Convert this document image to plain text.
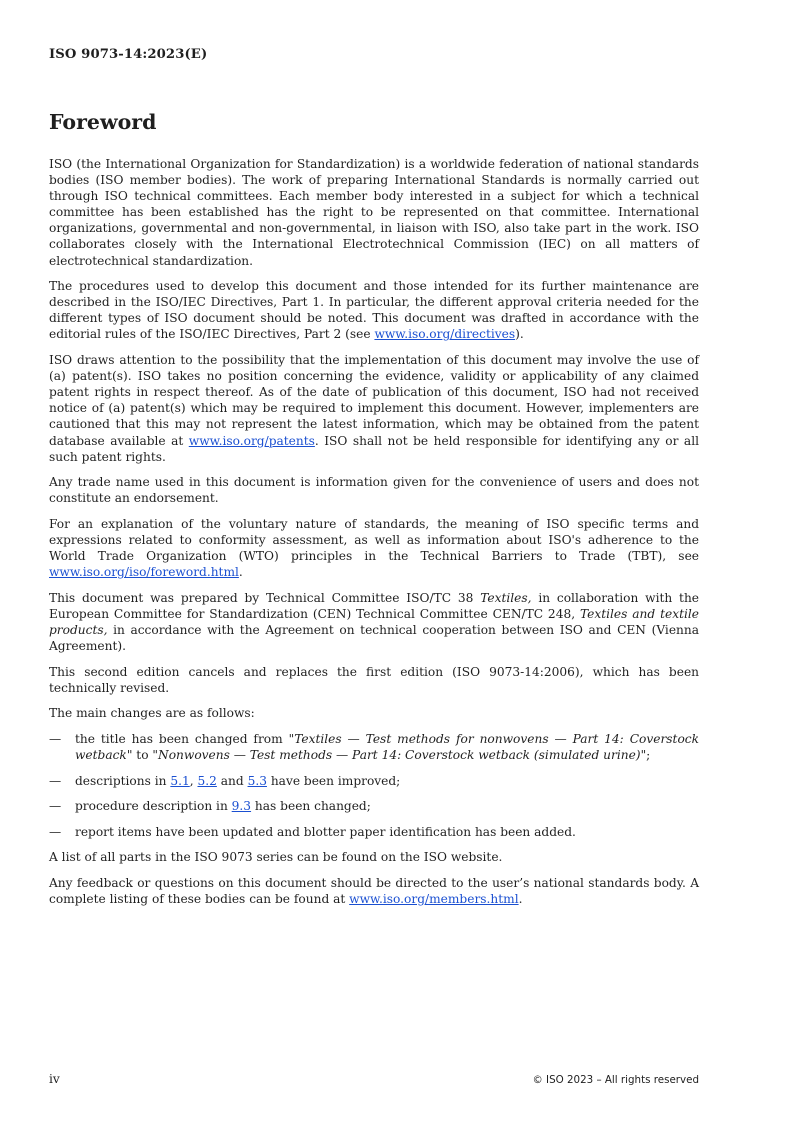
ISO 9073-14:2023(E)
Foreword

ISO (the International Organization for Standardization) is a worldwide federation of national standards bodies (ISO member bodies). The work of preparing International Standards is normally carried out through ISO technical committees. Each member body interested in a subject for which a technical committee has been established has the right to be represented on that committee. International organizations, governmental and non-governmental, in liaison with ISO, also take part in the work. ISO collaborates closely with the International Electrotechnical Commission (IEC) on all matters of electrotechnical standardization.

The procedures used to develop this document and those intended for its further maintenance are described in the ISO/IEC Directives, Part 1. In particular, the different approval criteria needed for the different types of ISO document should be noted. This document was drafted in accordance with the editorial rules of the ISO/IEC Directives, Part 2 (see www.iso.org/directives).

ISO draws attention to the possibility that the implementation of this document may involve the use of (a) patent(s). ISO takes no position concerning the evidence, validity or applicability of any claimed patent rights in respect thereof. As of the date of publication of this document, ISO had not received notice of (a) patent(s) which may be required to implement this document. However, implementers are cautioned that this may not represent the latest information, which may be obtained from the patent database available at www.iso.org/patents. ISO shall not be held responsible for identifying any or all such patent rights.

Any trade name used in this document is information given for the convenience of users and does not constitute an endorsement.

For an explanation of the voluntary nature of standards, the meaning of ISO specific terms and expressions related to conformity assessment, as well as information about ISO's adherence to the World Trade Organization (WTO) principles in the Technical Barriers to Trade (TBT), see www.iso.org/iso/foreword.html.

This document was prepared by Technical Committee ISO/TC 38 Textiles, in collaboration with the European Committee for Standardization (CEN) Technical Committee CEN/TC 248, Textiles and textile products, in accordance with the Agreement on technical cooperation between ISO and CEN (Vienna Agreement).

This second edition cancels and replaces the first edition (ISO 9073-14:2006), which has been technically revised.

The main changes are as follows:

— the title has been changed from "Textiles — Test methods for nonwovens — Part 14: Coverstock wetback" to "Nonwovens — Test methods — Part 14: Coverstock wetback (simulated urine)";
— descriptions in 5.1, 5.2 and 5.3 have been improved;
— procedure description in 9.3 has been changed;
— report items have been updated and blotter paper identification has been added.

A list of all parts in the ISO 9073 series can be found on the ISO website.

Any feedback or questions on this document should be directed to the user’s national standards body. A complete listing of these bodies can be found at www.iso.org/members.html.

iv	© ISO 2023 – All rights reserved
